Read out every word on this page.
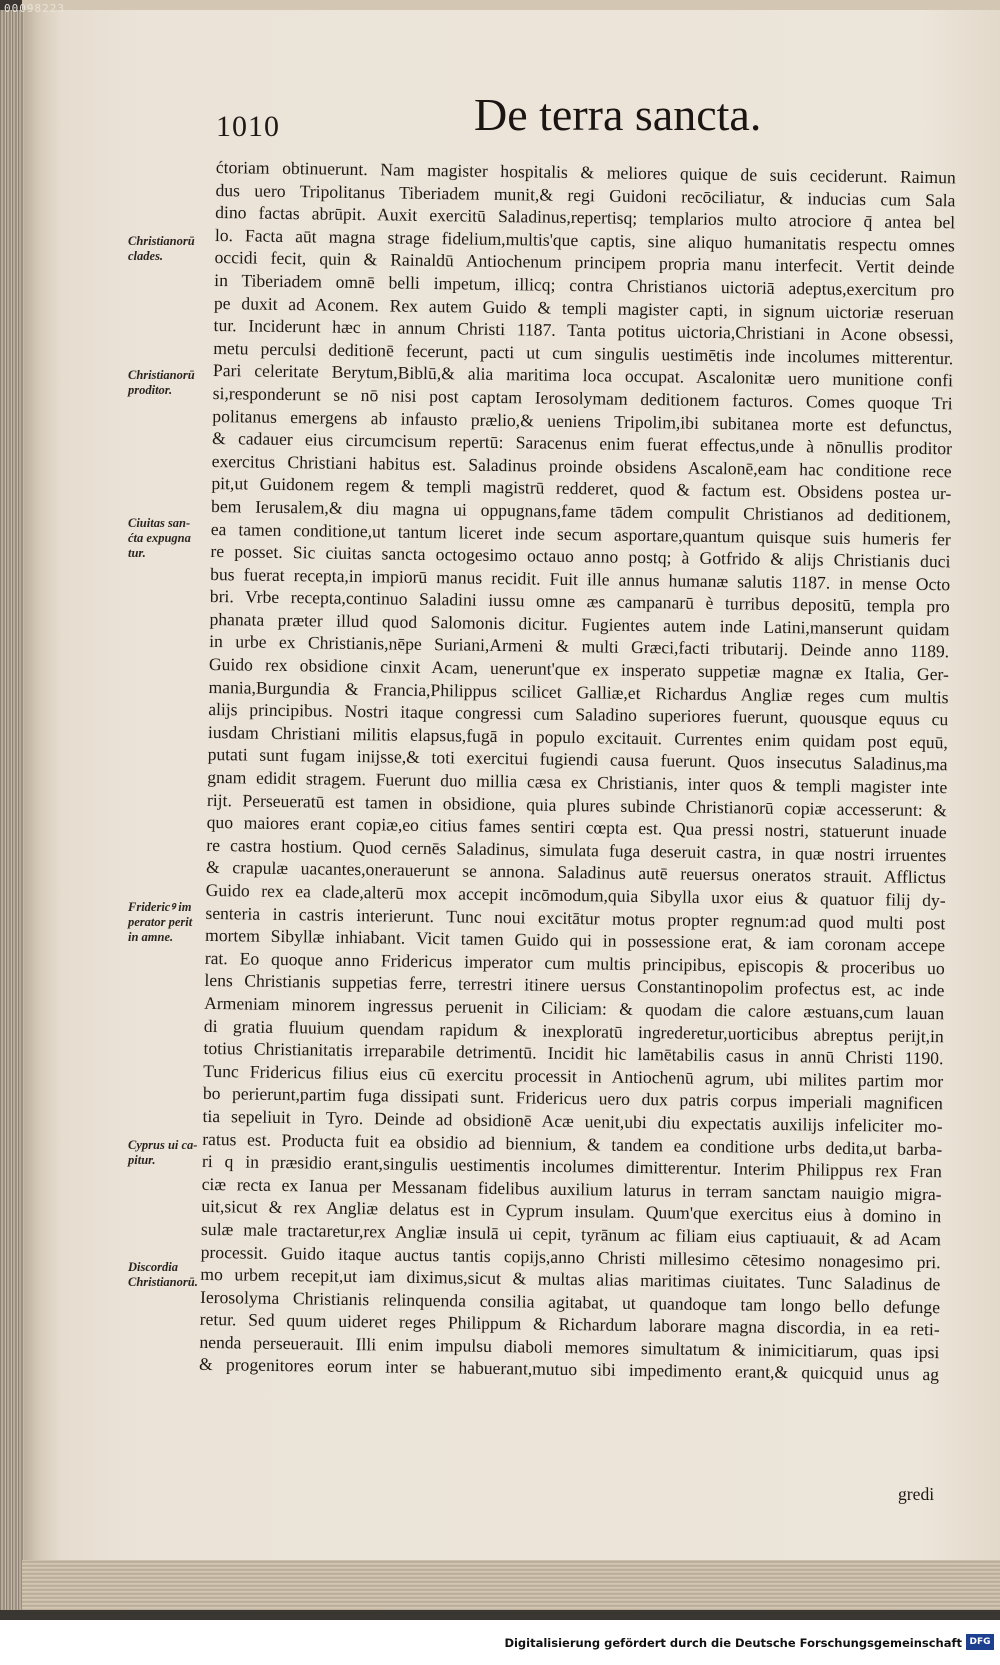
00098223
1010	De terra sancta.
Christianorū
clades.
Christianorū
proditor.
Ciuitas san-
ćta expugna
tur.
Fridericꝰ im
perator perit
in amne.
Cyprus ui ca-
pitur.
Discordia
Christianorū.
ćtoriam obtinuerunt. Nam magister hospitalis & meliores quique de suis ceciderunt. Raimun
dus uero Tripolitanus Tiberiadem munit,& regi Guidoni recōciliatur, & inducias cum Sala
dino factas abrūpit. Auxit exercitū Saladinus,repertisq; templarios multo atrociore q̄ antea bel
lo. Facta aūt magna strage fidelium,multis'que captis, sine aliquo humanitatis respectu omnes
occidi fecit, quin & Rainaldū Antiochenum principem propria manu interfecit. Vertit deinde
in Tiberiadem omnē belli impetum, illicq; contra Christianos uictoriā adeptus,exercitum pro
pe duxit ad Aconem. Rex autem Guido & templi magister capti, in signum uictoriæ reseruan
tur. Inciderunt hæc in annum Christi 1187. Tanta potitus uictoria,Christiani in Acone obsessi,
metu perculsi deditionē fecerunt, pacti ut cum singulis uestimētis inde incolumes mitterentur.
Pari celeritate Berytum,Biblū,& alia maritima loca occupat. Ascalonitæ uero munitione confi
si,responderunt se nō nisi post captam Ierosolymam deditionem facturos. Comes quoque Tri
politanus emergens ab infausto prælio,& ueniens Tripolim,ibi subitanea morte est defunctus,
& cadauer eius circumcisum repertū: Saracenus enim fuerat effectus,unde à nōnullis proditor
exercitus Christiani habitus est. Saladinus proinde obsidens Ascalonē,eam hac conditione rece
pit,ut Guidonem regem & templi magistrū redderet, quod & factum est. Obsidens postea ur-
bem Ierusalem,& diu magna ui oppugnans,fame tādem compulit Christianos ad deditionem,
ea tamen conditione,ut tantum liceret inde secum asportare,quantum quisque suis humeris fer
re posset. Sic ciuitas sancta octogesimo octauo anno postq; à Gotfrido & alijs Christianis duci
bus fuerat recepta,in impiorū manus recidit. Fuit ille annus humanæ salutis 1187. in mense Octo
bri. Vrbe recepta,continuo Saladini iussu omne æs campanarū è turribus depositū, templa pro
phanata præter illud quod Salomonis dicitur. Fugientes autem inde Latini,manserunt quidam
in urbe ex Christianis,nēpe Suriani,Armeni & multi Græci,facti tributarij. Deinde anno 1189.
Guido rex obsidione cinxit Acam, uenerunt'que ex insperato suppetiæ magnæ ex Italia, Ger-
mania,Burgundia & Francia,Philippus scilicet Galliæ,et Richardus Angliæ reges cum multis
alijs principibus. Nostri itaque congressi cum Saladino superiores fuerunt, quousque equus cu
iusdam Christiani militis elapsus,fugā in populo excitauit. Currentes enim quidam post equū,
putati sunt fugam inijsse,& toti exercitui fugiendi causa fuerunt. Quos insecutus Saladinus,ma
gnam edidit stragem. Fuerunt duo millia cæsa ex Christianis, inter quos & templi magister inte
rijt. Perseueratū est tamen in obsidione, quia plures subinde Christianorū copiæ accesserunt: &
quo maiores erant copiæ,eo citius fames sentiri cœpta est. Qua pressi nostri, statuerunt inuade
re castra hostium. Quod cernēs Saladinus, simulata fuga deseruit castra, in quæ nostri irruentes
& crapulæ uacantes,onerauerunt se annona. Saladinus autē reuersus oneratos strauit. Afflictus
Guido rex ea clade,alterū mox accepit incōmodum,quia Sibylla uxor eius & quatuor filij dy-
senteria in castris interierunt. Tunc noui excitātur motus propter regnum:ad quod multi post
mortem Sibyllæ inhiabant. Vicit tamen Guido qui in possessione erat, & iam coronam accepe
rat. Eo quoque anno Fridericus imperator cum multis principibus, episcopis & proceribus uo
lens Christianis suppetias ferre, terrestri itinere uersus Constantinopolim profectus est, ac inde
Armeniam minorem ingressus peruenit in Ciliciam: & quodam die calore æstuans,cum lauan
di gratia fluuium quendam rapidum & inexploratū ingrederetur,uorticibus abreptus perijt,in
totius Christianitatis irreparabile detrimentū. Incidit hic lamētabilis casus in annū Christi 1190.
Tunc Fridericus filius eius cū exercitu processit in Antiochenū agrum, ubi milites partim mor
bo perierunt,partim fuga dissipati sunt. Fridericus uero dux patris corpus imperiali magnificen
tia sepeliuit in Tyro. Deinde ad obsidionē Acæ uenit,ubi diu expectatis auxilijs infeliciter mo-
ratus est. Producta fuit ea obsidio ad biennium, & tandem ea conditione urbs dedita,ut barba-
ri q in præsidio erant,singulis uestimentis incolumes dimitterentur. Interim Philippus rex Fran
ciæ recta ex Ianua per Messanam fidelibus auxilium laturus in terram sanctam nauigio migra-
uit,sicut & rex Angliæ delatus est in Cyprum insulam. Quum'que exercitus eius à domino in
sulæ male tractaretur,rex Angliæ insulā ui cepit, tyrānum ac filiam eius captiuauit, & ad Acam
processit. Guido itaque auctus tantis copijs,anno Christi millesimo cētesimo nonagesimo pri.
mo urbem recepit,ut iam diximus,sicut & multas alias maritimas ciuitates. Tunc Saladinus de
Ierosolyma Christianis relinquenda consilia agitabat, ut quandoque tam longo bello defunge
retur. Sed quum uideret reges Philippum & Richardum laborare magna discordia, in ea reti-
nenda perseuerauit. Illi enim impulsu diaboli memores simultatum & inimicitiarum, quas ipsi
& progenitores eorum inter se habuerant,mutuo sibi impedimento erant,& quicquid unus ag
gredi
Digitalisierung gefördert durch die Deutsche Forschungsgemeinschaft DFG
